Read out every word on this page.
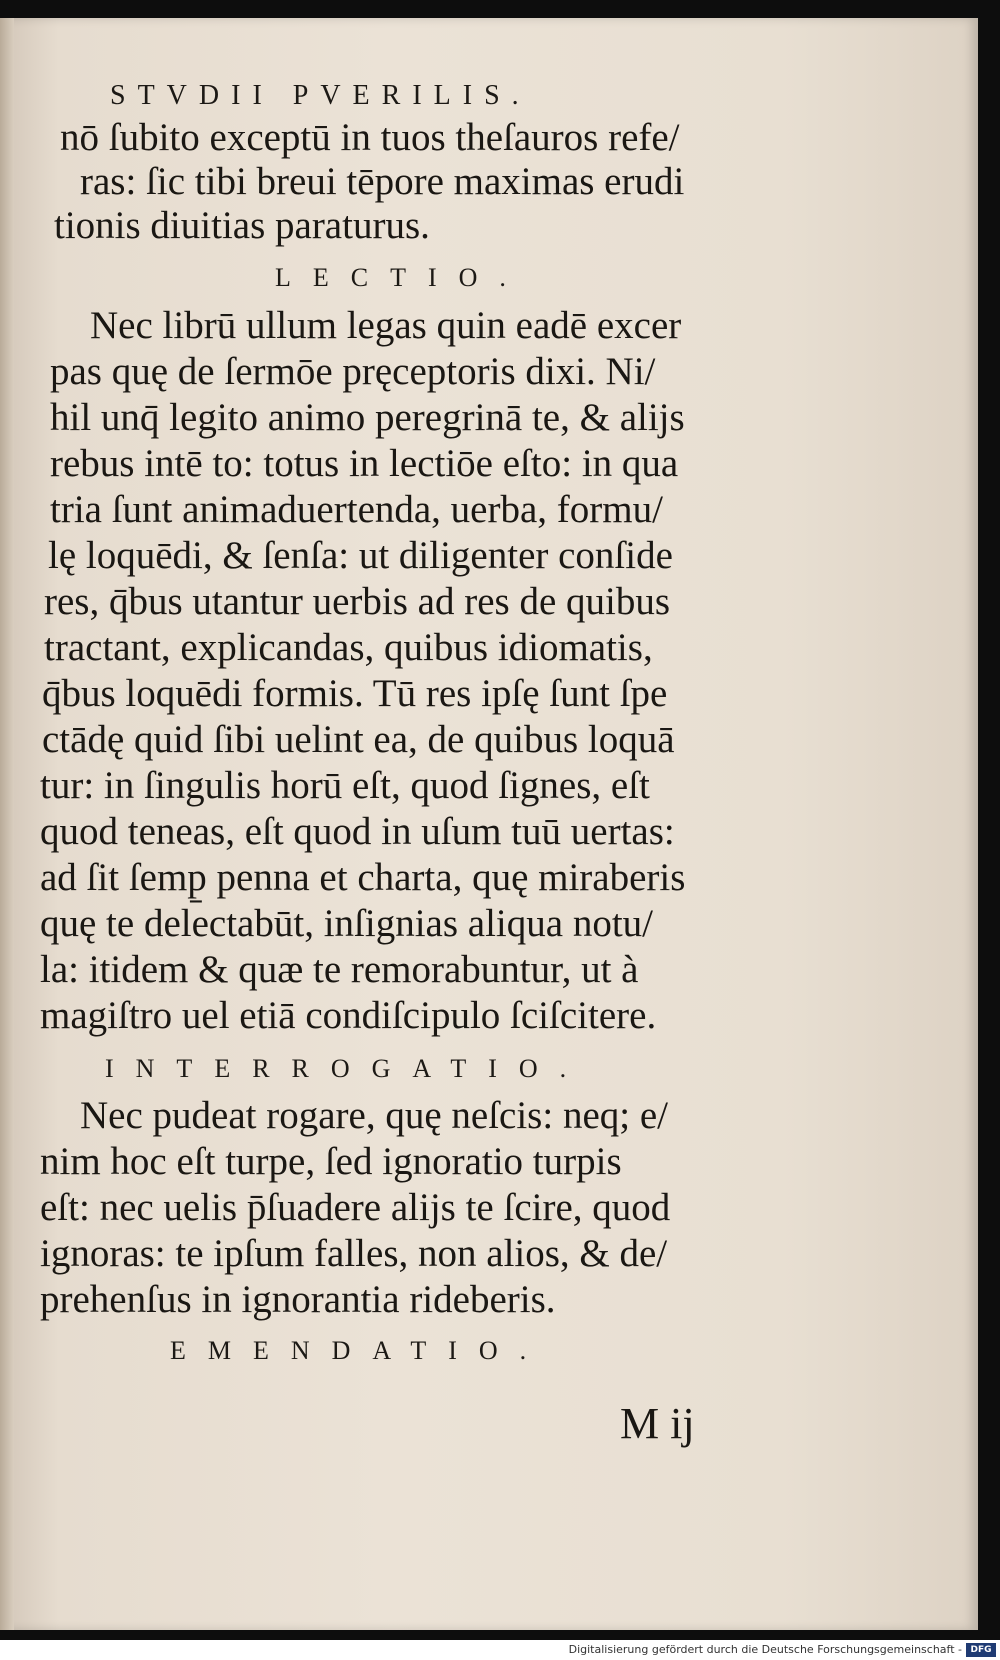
STVDII PVERILIS.
nō ſubito exceptū in tuos theſauros refe/
ras: ſic tibi breui tēpore maximas erudi
tionis diuitias paraturus.
LECTIO.
Nec librū ullum legas quin eadē excer
pas quę de ſermōe pręceptoris dixi. Ni/
hil unq̄ legito animo peregrinā te, & alijs
rebus intē to: totus in lectiōe eſto: in qua
tria ſunt animaduertenda, uerba, formu/
lę loquēdi, & ſenſa: ut diligenter conſide
res, q̄bus utantur uerbis ad res de quibus
tractant, explicandas, quibus idiomatis,
q̄bus loquēdi formis. Tū res ipſę ſunt ſpe
ctādę quid ſibi uelint ea, de quibus loquā
tur: in ſingulis horū eſt, quod ſignes, eſt
quod teneas, eſt quod in uſum tuū uertas:
ad ſit ſemp̱ penna et charta, quę miraberis
quę te delectabūt, inſignias aliqua notu/
la: itidem & quæ te remorabuntur, ut à
magiſtro uel etiā condiſcipulo ſciſcitere.
INTERROGATIO.
Nec pudeat rogare, quę neſcis: neq; e/
nim hoc eſt turpe, ſed ignoratio turpis
eſt: nec uelis p̄ſuadere alijs te ſcire, quod
ignoras: te ipſum falles, non alios, & de/
prehenſus in ignorantia rideberis.
EMENDATIO.
M ij
Digitalisierung gefördert durch die Deutsche Forschungsgemeinschaft - DFG
